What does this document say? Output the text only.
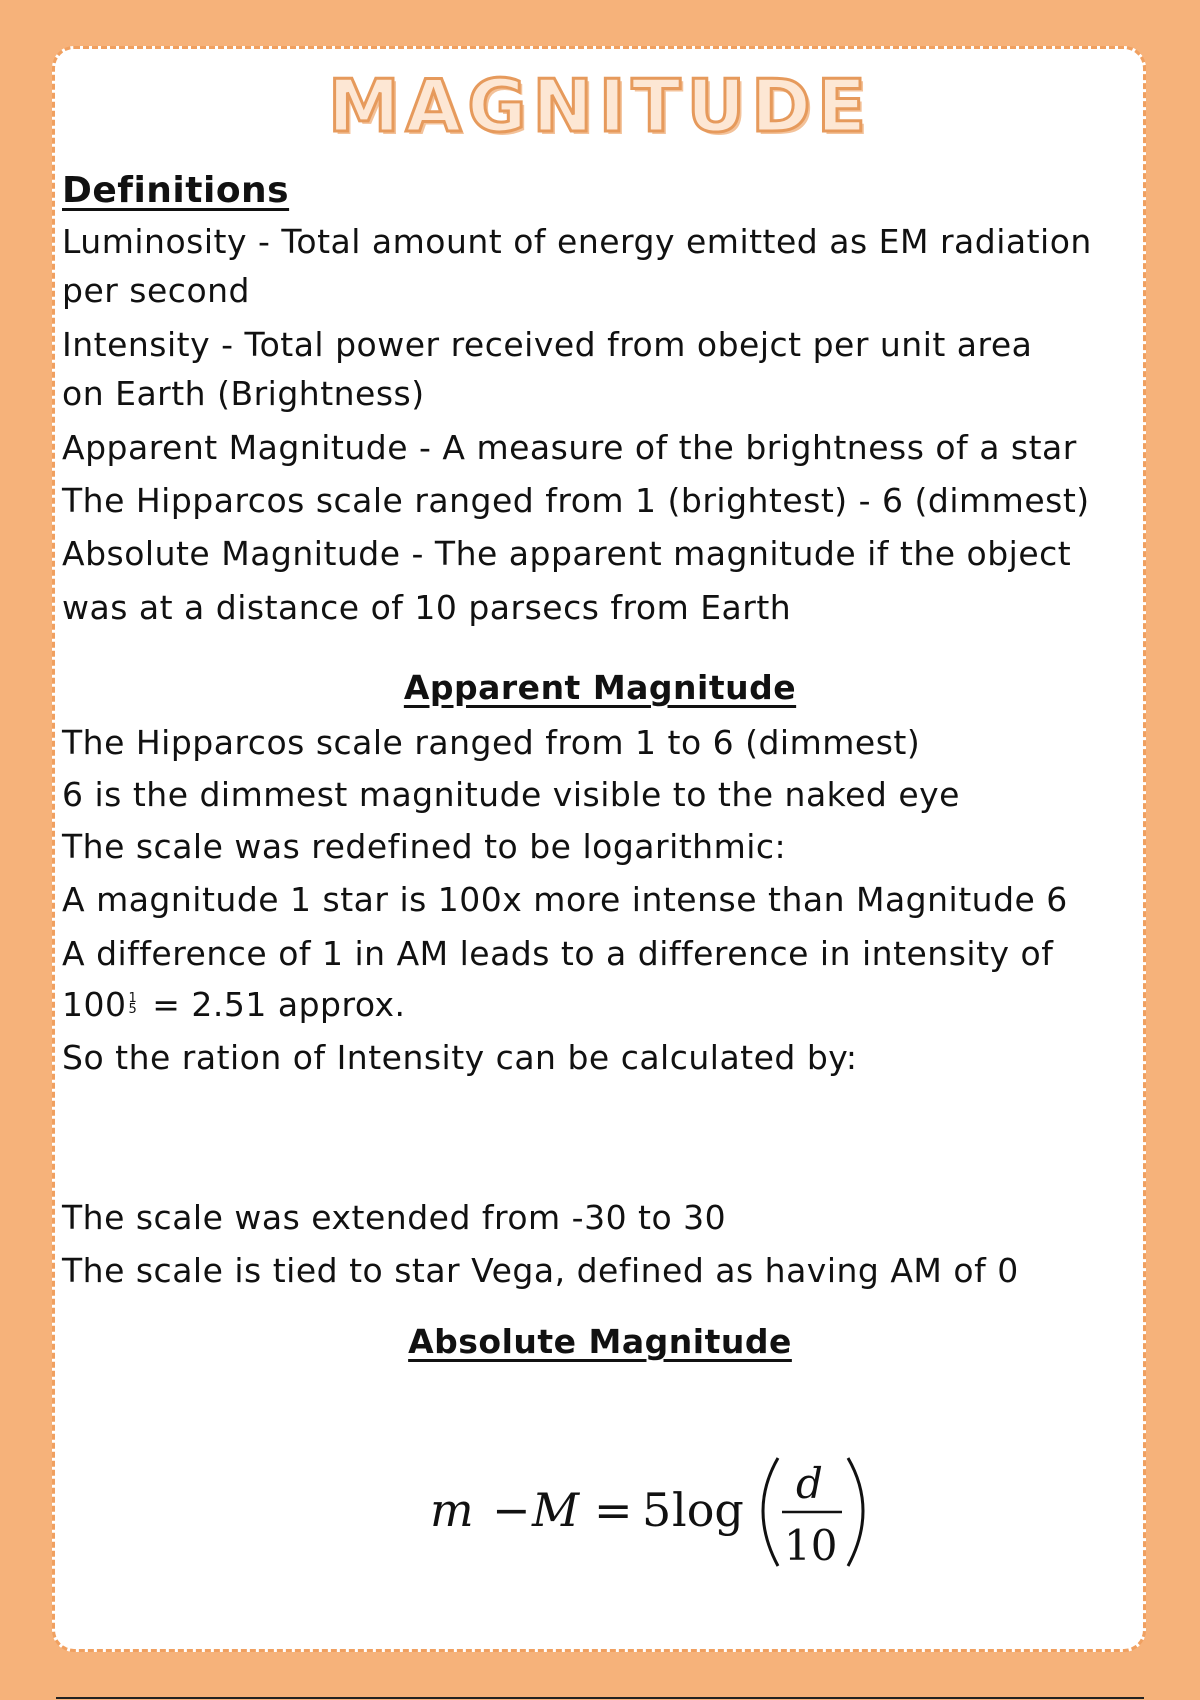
MAGNITUDE
Definitions
Luminosity - Total amount of energy emitted as EM radiation
per second
Intensity - Total power received from obejct per unit area
on Earth (Brightness)
Apparent Magnitude - A measure of the brightness of a star
The Hipparcos scale ranged from 1 (brightest) - 6 (dimmest)
Absolute Magnitude - The apparent magnitude if the object
was at a distance of 10 parsecs from Earth
Apparent Magnitude
The Hipparcos scale ranged from 1 to 6 (dimmest)
6 is the dimmest magnitude visible to the naked eye
The scale was redefined to be logarithmic:
A magnitude 1 star is 100x more intense than Magnitude 6
A difference of 1 in AM leads to a difference in intensity of
100 $^{1 5}$ = 2.51 approx.
So the ration of Intensity can be calculated by:
The scale was extended from -30 to 30
The scale is tied to star Vega, defined as having AM of 0
Absolute Magnitude
m − M = 5 log d
10
